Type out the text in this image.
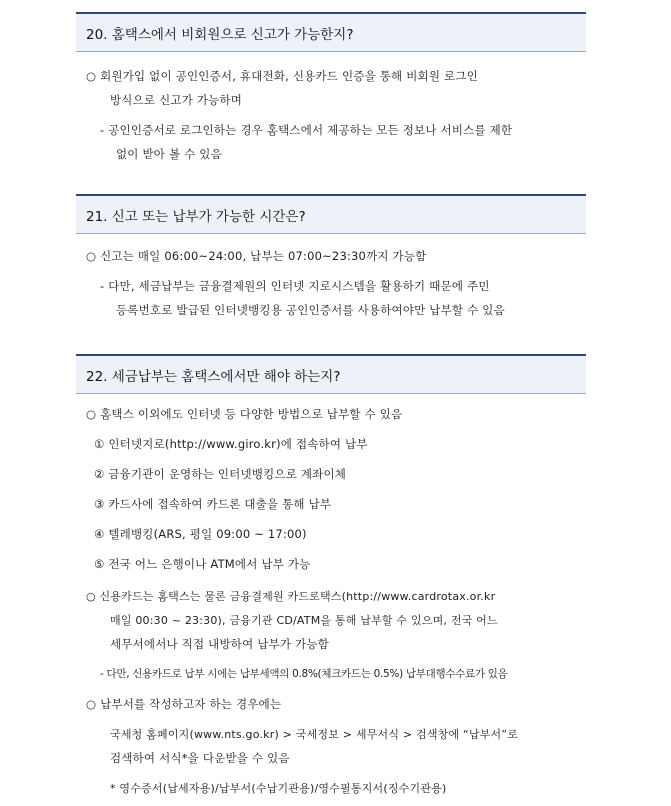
20. 홈택스에서 비회원으로 신고가 가능한지?
○ 회원가입 없이 공인인증서, 휴대전화, 신용카드 인증을 통해 비회원 로그인
방식으로 신고가 가능하며
- 공인인증서로 로그인하는 경우 홈택스에서 제공하는 모든 정보나 서비스를 제한
없이 받아 볼 수 있음
21. 신고 또는 납부가 가능한 시간은?
○ 신고는 매일 06:00~24:00, 납부는 07:00~23:30까지 가능함
- 다만, 세금납부는 금융결제원의 인터넷 지로시스템을 활용하기 때문에 주민
등록번호로 발급된 인터넷뱅킹용 공인인증서를 사용하여야만 납부할 수 있음
22. 세금납부는 홈택스에서만 해야 하는지?
○ 홈택스 이외에도 인터넷 등 다양한 방법으로 납부할 수 있음
① 인터넷지로(http://www.giro.kr)에 접속하여 납부
② 금융기관이 운영하는 인터넷뱅킹으로 계좌이체
③ 카드사에 접속하여 카드론 대출을 통해 납부
④ 텔레뱅킹(ARS, 평일 09:00 ~ 17:00)
⑤ 전국 어느 은행이나 ATM에서 납부 가능
○ 신용카드는 홈택스는 물론 금융결제원 카드로택스(http://www.cardrotax.or.kr
매일 00:30 ~ 23:30), 금융기관 CD/ATM을 통해 납부할 수 있으며, 전국 어느
세무서에서나 직접 내방하여 납부가 가능함
- 다만, 신용카드로 납부 시에는 납부세액의 0.8%(체크카드는 0.5%) 납부대행수수료가 있음
○ 납부서를 작성하고자 하는 경우에는
국세청 홈페이지(www.nts.go.kr) > 국세정보 > 세무서식 > 검색창에 “납부서”로
검색하여 서식*을 다운받을 수 있음
* 영수증서(납세자용)/납부서(수납기관용)/영수필통지서(징수기관용)
